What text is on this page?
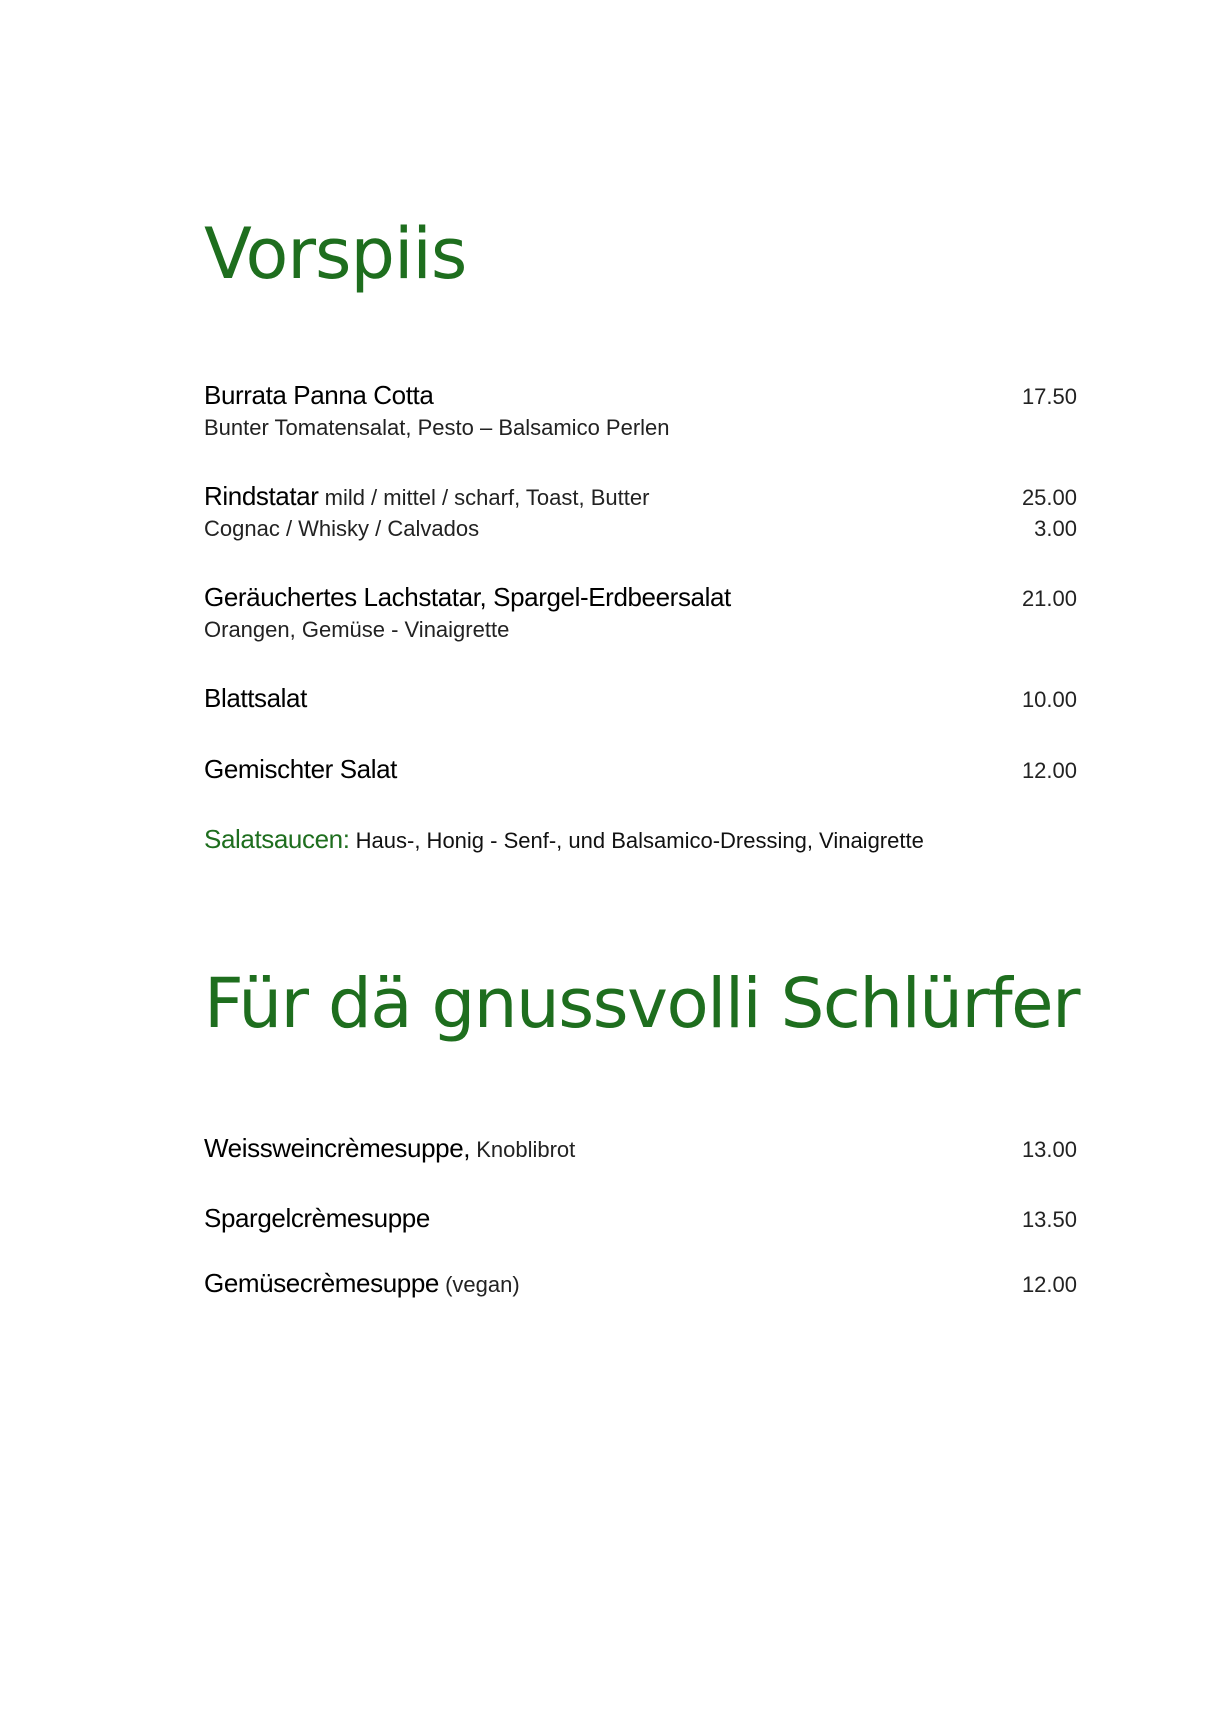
Vorspiis
Burrata Panna Cotta	17.50
Bunter Tomatensalat, Pesto – Balsamico Perlen
Rindstatar mild / mittel / scharf, Toast, Butter	25.00
Cognac / Whisky / Calvados	3.00
Geräuchertes Lachstatar, Spargel-Erdbeersalat	21.00
Orangen, Gemüse - Vinaigrette
Blattsalat	10.00
Gemischter Salat	12.00
Salatsaucen: Haus-, Honig - Senf-, und Balsamico-Dressing, Vinaigrette
Für dä gnussvolli Schlürfer
Weissweincrèmesuppe, Knoblibrot	13.00
Spargelcrèmesuppe	13.50
Gemüsecrèmesuppe (vegan)	12.00
